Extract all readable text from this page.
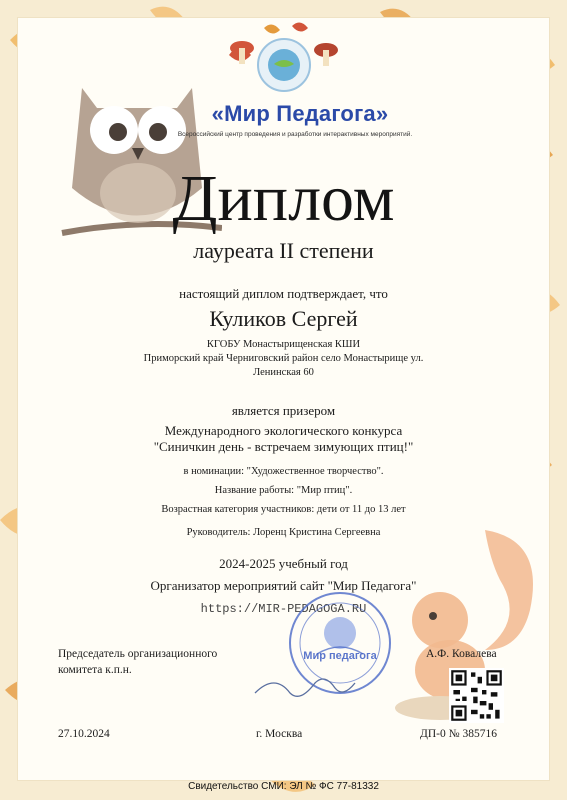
«Мир Педагога»
Всероссийский центр проведения и разработки интерактивных мероприятий.
Диплом
лауреата II степени
настоящий диплом подтверждает, что
Куликов Сергей
КГОБУ Монастырищенская КШИ
Приморский край Черниговский район село Монастырище ул.
Ленинская 60
является призером
Международного экологического конкурса
"Синичкин день - встречаем зимующих птиц!"
в номинации: "Художественное творчество".
Название работы: "Мир птиц".
Возрастная категория участников: дети от 11 до 13 лет
Руководитель: Лоренц Кристина Сергеевна
2024-2025 учебный год
Организатор мероприятий сайт "Мир Педагога"
https://MIR-PEDAGOGA.RU
Мир педагога
Председатель организационного
комитета к.п.н.
А.Ф. Ковалева
27.10.2024	г. Москва	ДП-0 № 385716
Свидетельство СМИ: ЭЛ № ФС 77-81332
